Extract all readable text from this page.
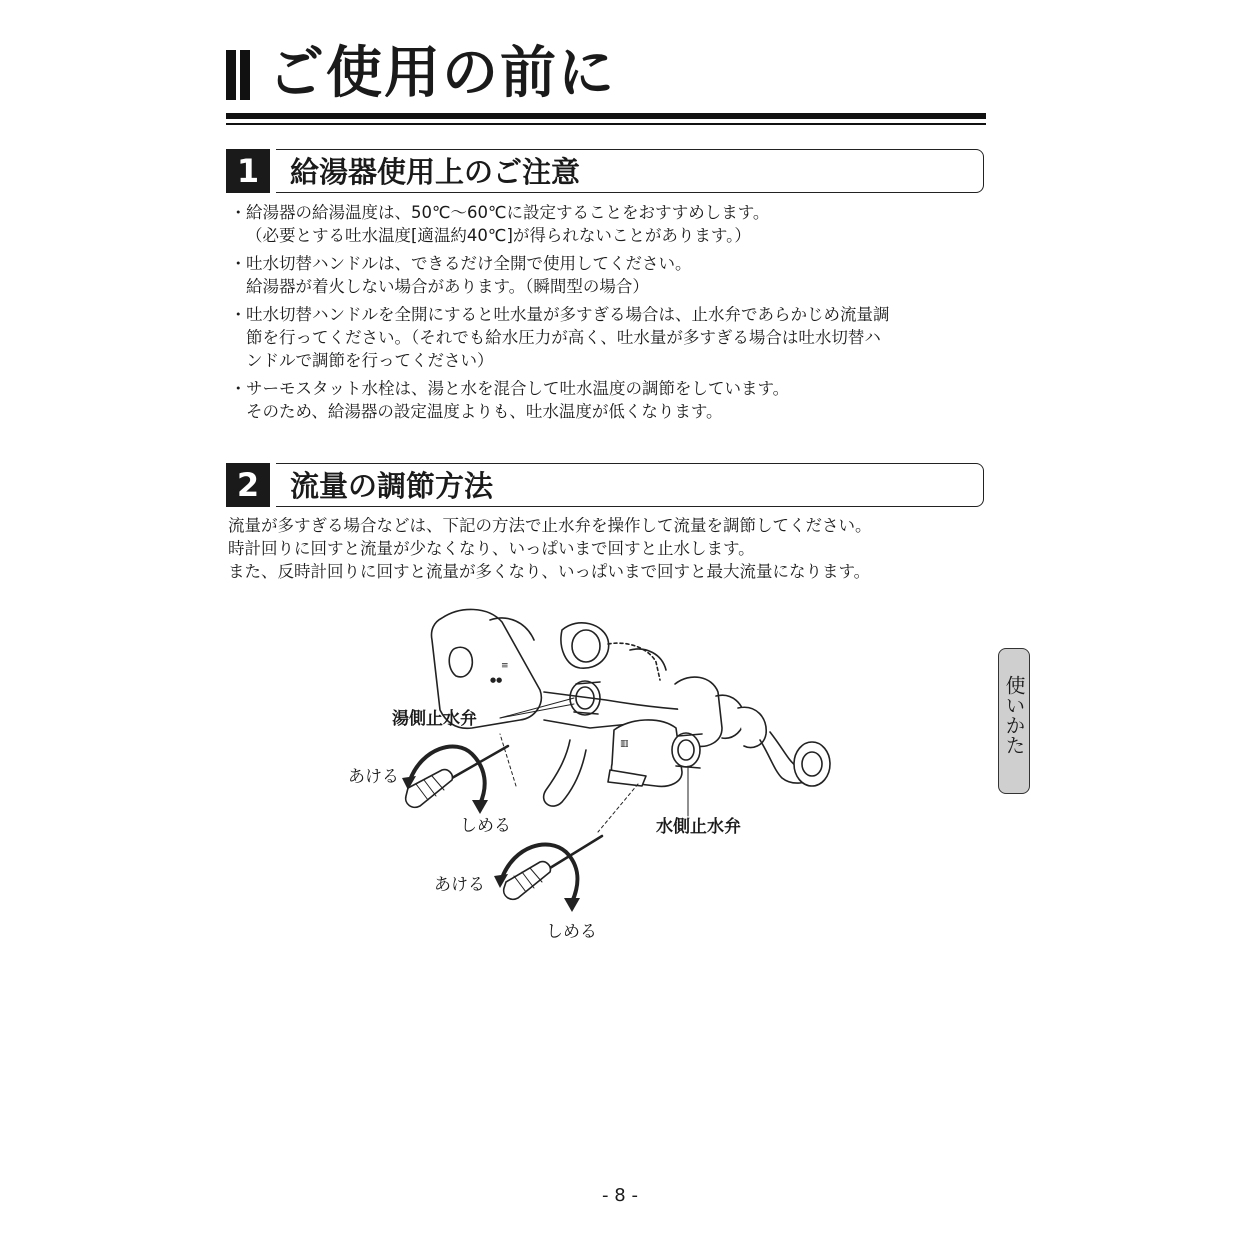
ご使用の前に
1	給湯器使用上のご注意
・ 給湯器の給湯温度は、50℃～60℃に設定することをおすすめします。
（必要とする吐水温度[適温約40℃]が得られないことがあります。）
・ 吐水切替ハンドルは、できるだけ全開で使用してください。
給湯器が着火しない場合があります。（瞬間型の場合）
・ 吐水切替ハンドルを全開にすると吐水量が多すぎる場合は、止水弁であらかじめ流量調
節を行ってください。（それでも給水圧力が高く、吐水量が多すぎる場合は吐水切替ハ
ンドルで調節を行ってください）
・ サーモスタット水栓は、湯と水を混合して吐水温度の調節をしています。
そのため、給湯器の設定温度よりも、吐水温度が低くなります。
2	流量の調節方法
流量が多すぎる場合などは、下記の方法で止水弁を操作して流量を調節してください。
時計回りに回すと流量が少なくなり、いっぱいまで回すと止水します。
また、反時計回りに回すと流量が多くなり、いっぱいまで回すと最大流量になります。
≡
●●
▥
湯側止水弁
水側止水弁
あける
しめる
あける
しめる
使いかた
- 8 -
